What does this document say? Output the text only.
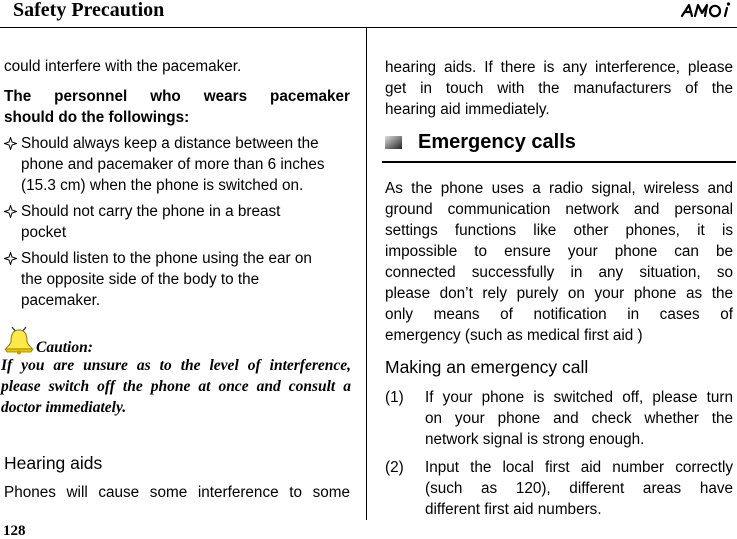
Safety Precaution
could interfere with the pacemaker.
The personnel who wears pacemaker
should do the followings:
Should always keep a distance between the
phone and pacemaker of more than 6 inches
(15.3 cm) when the phone is switched on.
Should not carry the phone in a breast
pocket
Should listen to the phone using the ear on
the opposite side of the body to the
pacemaker.
Caution:
If you are unsure as to the level of interference,
please switch off the phone at once and consult a
doctor immediately.
Hearing aids
Phones will cause some interference to some
hearing aids. If there is any interference, please
get in touch with the manufacturers of the
hearing aid immediately.
Emergency calls
As the phone uses a radio signal, wireless and
ground communication network and personal
settings functions like other phones, it is
impossible to ensure your phone can be
connected successfully in any situation, so
please don’t rely purely on your phone as the
only means of notification in cases of
emergency (such as medical first aid )
Making an emergency call
(1) If your phone is switched off, please turn
on your phone and check whether the
network signal is strong enough.
(2) Input the local first aid number correctly
(such as 120), different areas have
different first aid numbers.
128
